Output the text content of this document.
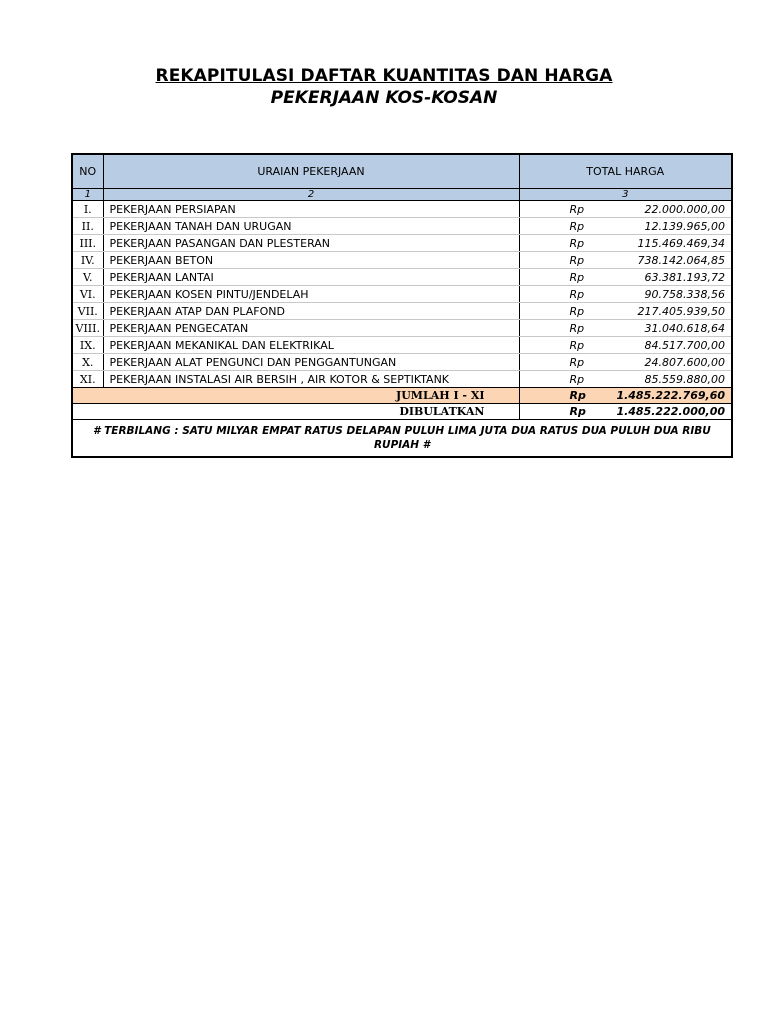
REKAPITULASI DAFTAR KUANTITAS DAN HARGA
PEKERJAAN KOS-KOSAN
NO	URAIAN PEKERJAAN	TOTAL HARGA	
1	2	3	
I.	PEKERJAAN PERSIAPAN	Rp	22.000.000,00
II.	PEKERJAAN TANAH DAN URUGAN	Rp	12.139.965,00
III.	PEKERJAAN PASANGAN DAN PLESTERAN	Rp	115.469.469,34
IV.	PEKERJAAN BETON	Rp	738.142.064,85
V.	PEKERJAAN LANTAI	Rp	63.381.193,72
VI.	PEKERJAAN KOSEN PINTU/JENDELAH	Rp	90.758.338,56
VII.	PEKERJAAN ATAP DAN PLAFOND	Rp	217.405.939,50
VIII.	PEKERJAAN PENGECATAN	Rp	31.040.618,64
IX.	PEKERJAAN MEKANIKAL DAN ELEKTRIKAL	Rp	84.517.700,00
X.	PEKERJAAN ALAT PENGUNCI DAN PENGGANTUNGAN	Rp	24.807.600,00
XI.	PEKERJAAN INSTALASI AIR BERSIH , AIR KOTOR & SEPTIKTANK	Rp	85.559.880,00
JUMLAH I - XI		Rp	1.485.222.769,60
DIBULATKAN		Rp	1.485.222.000,00
# TERBILANG : SATU MILYAR EMPAT RATUS DELAPAN PULUH LIMA JUTA DUA RATUS DUA PULUH DUA RIBU RUPIAH #			
